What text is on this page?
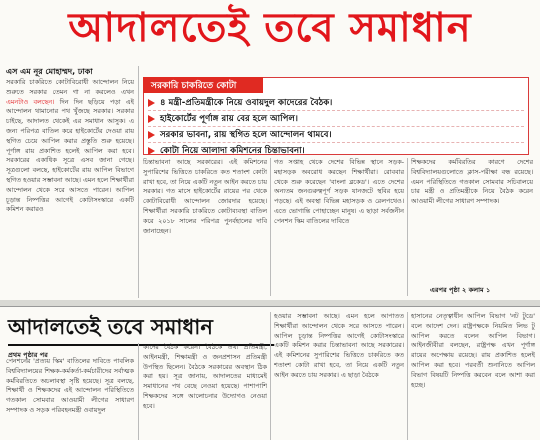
আদালতেই তবে সমাধান
এস এম নূর মোহাম্মদ, ঢাকা
সরকারি চাকরিতে কোটাবিরোধী আন্দোলন নিয়ে শুরুতে সরকার তেমন গা না করলেও এখন এমনটাও বলছেন। দিন দিন ছড়িয়ে পড়া এই আন্দোলন থামানোর পথ খুঁজছে সরকার। সরকার চাইছে, আদালত থেকেই এর সমাধান আসুক। এ জন্য পরিপত্র বাতিল করে হাইকোর্টের দেওয়া রায় স্থগিত চেয়ে আপিল করার প্রস্তুতি শুরু হয়েছে। পূর্ণাঙ্গ রায় প্রকাশিত হলেই আপিল করা হবে। সরকারের একাধিক সূত্রে এসব জানা গেছে। সূত্রগুলো বলছে, হাইকোর্টের রায় আপিল বিভাগে স্থগিত হওয়ার সম্ভাবনা আছে। এমন হলে শিক্ষার্থীরা আন্দোলন থেকে সরে আসতে পারেন। আপিল চূড়ান্ত নিষ্পত্তির আগেই কোটাসংস্কারে একটি কমিশন করারও
সরকারি চাকরিতে কোটা
৪ মন্ত্রী-প্রতিমন্ত্রীকে নিয়ে ওবায়দুল কাদেরের বৈঠক।
হাইকোর্টের পূর্ণাঙ্গ রায় বের হলে আপিল।
সরকার ভাবনা, রায় স্থগিত হলে আন্দোলন থামবে।
কোটা নিয়ে আলাদা কমিশনের চিন্তাভাবনা।
চিন্তাভাবনা আছে সরকারের। এই কমিশনের সুপারিশের ভিত্তিতে চাকরিতে কত শতাংশ কোটা রাখা হবে, তা নিয়ে একটি নতুন আইন করতে চায় সরকার। গত মাসে হাইকোর্টের রায়ের পর থেকে কোটাবিরোধী আন্দোলন জোরদার হয়েছে। শিক্ষার্থীরা সরকারি চাকরিতে কোটাব্যবস্থা বাতিল করে ২০১৮ সালের পরিপত্র পুনর্বহালের দাবি জানাচ্ছেন।
গত সপ্তাহ থেকে দেশের বিভিন্ন স্থানে সড়ক-মহাসড়ক অবরোধ করছেন শিক্ষার্থীরা। রোববার থেকে শুরু করেছেন 'বাংলা ব্লকেড'। এতে দেশের অন্যতম জনগুরুত্বপূর্ণ সড়ক যানজটে স্থবির হয়ে পড়ছে। এই অবস্থা বিভিন্ন মহাসড়ক ও রেলপথেও। এতে ভোগান্তি পোহাচ্ছেন মানুষ। এ ছাড়া সর্বজনীন পেনশন স্কিম বাতিলের দাবিতে
শিক্ষকদের কর্মবিরতির কারণে দেশের বিশ্ববিদ্যালয়গুলোতে ক্লাস-পরীক্ষা বন্ধ রয়েছে। এমন পরিস্থিতিতে গতকাল সোমবার সচিবালয়ে চার মন্ত্রী ও প্রতিমন্ত্রীকে নিয়ে বৈঠক করেন আওয়ামী লীগের সাধারণ সম্পাদক।
এরপর পৃষ্ঠা ২ কলাম ১
আদালতেই তবে সমাধান
প্রথম পৃষ্ঠার পর
পেনশনের 'প্রত্যয় স্কিম' বাতিলের দাবিতে পাবলিক বিশ্ববিদ্যালয়ের শিক্ষক-কর্মকর্তা-কর্মচারীদের সর্বাত্মক কর্মবিরতিতে অচলাবস্থা সৃষ্টি হয়েছে। সূত্র বলছে, শিক্ষার্থী ও শিক্ষকদের এই আন্দোলন পরিস্থিতিতে গতকাল সোমবার আওয়ামী লীগের সাধারণ সম্পাদক ও সড়ক পরিবহনমন্ত্রী ওবায়দুল
কাদের বৈঠক করেন। বৈঠকে তথ্য প্রতিমন্ত্রী, আইনমন্ত্রী, শিক্ষামন্ত্রী ও জনপ্রশাসন প্রতিমন্ত্রী উপস্থিত ছিলেন। বৈঠকে সরকারের অবস্থান ঠিক করা হয়। সূত্র জানায়, আদালতের মাধ্যমেই সমাধানের পথ বেছে নেওয়া হয়েছে। পাশাপাশি শিক্ষকদের সঙ্গে আলোচনার উদ্যোগও নেওয়া হবে।
হওয়ার সম্ভাবনা আছে। এমন হলে আপাতত শিক্ষার্থীরা আন্দোলন থেকে সরে আসতে পারেন। আপিল চূড়ান্ত নিষ্পত্তির আগেই কোটাসংস্কারে একটি কমিশন করার চিন্তাভাবনা আছে সরকারের। এই কমিশনের সুপারিশের ভিত্তিতে চাকরিতে কত শতাংশ কোটা রাখা হবে, তা নিয়ে একটি নতুন আইন করতে চায় সরকার। এ ছাড়া বৈঠকে
হাসানের নেতৃত্বাধীন আপিল বিভাগ 'নট টুডে' বলে আদেশ দেন। রাষ্ট্রপক্ষকে নিয়মিত লিভ টু আপিল করতে বলেন আপিল বিভাগ। আইনজীবীরা বলছেন, রাষ্ট্রপক্ষ এখন পূর্ণাঙ্গ রায়ের অপেক্ষায় রয়েছে। রায় প্রকাশিত হলেই আপিল করা হবে। পরবর্তী শুনানিতে আপিল বিভাগ বিষয়টি নিষ্পত্তি করবেন বলে আশা করা হচ্ছে।
